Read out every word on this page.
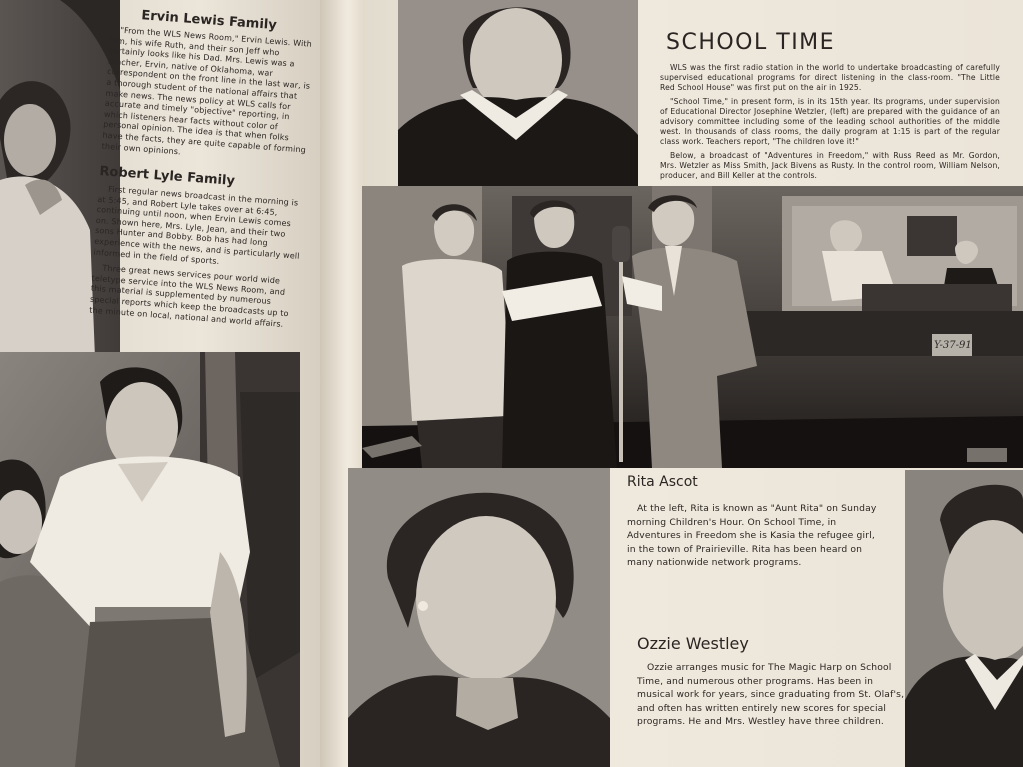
Ervin Lewis Family

"From the WLS News Room," Ervin Lewis. With him, his wife Ruth, and their son Jeff who certainly looks like his Dad. Mrs. Lewis was a teacher, Ervin, native of Oklahoma, war correspondent on the front line in the last war, is a thorough student of the national affairs that make news. The news policy at WLS calls for accurate and timely "objective" reporting, in which listeners hear facts without color of personal opinion. The idea is that when folks have the facts, they are quite capable of forming their own opinions.

Robert Lyle Family

First regular news broadcast in the morning is at 5:45, and Robert Lyle takes over at 6:45, continuing until noon, when Ervin Lewis comes on. Shown here, Mrs. Lyle, Jean, and their two sons Hunter and Bobby. Bob has had long experience with the news, and is particularly well informed in the field of sports.

Three great news services pour world wide teletype service into the WLS News Room, and this material is supplemented by numerous special reports which keep the broadcasts up to the minute on local, national and world affairs.

SCHOOL TIME

WLS was the first radio station in the world to undertake broadcasting of carefully supervised educational programs for direct listening in the class-room. "The Little Red School House" was first put on the air in 1925.

"School Time," in present form, is in its 15th year. Its programs, under supervision of Educational Director Josephine Wetzler, (left) are prepared with the guidance of an advisory committee including some of the leading school authorities of the middle west. In thousands of class rooms, the daily program at 1:15 is part of the regular class work. Teachers report, "The children love it!"

Below, a broadcast of "Adventures in Freedom," with Russ Reed as Mr. Gordon, Mrs. Wetzler as Miss Smith, Jack Bivens as Rusty. In the control room, William Nelson, producer, and Bill Keller at the controls.

Y-37-91
Rita Ascot

At the left, Rita is known as "Aunt Rita" on Sunday morning Children's Hour. On School Time, in Adventures in Freedom she is Kasia the refugee girl, in the town of Prairieville. Rita has been heard on many nationwide network programs.

Ozzie Westley

Ozzie arranges music for The Magic Harp on School Time, and numerous other programs. Has been in musical work for years, since graduating from St. Olaf's, and often has written entirely new scores for special programs. He and Mrs. Westley have three children.
